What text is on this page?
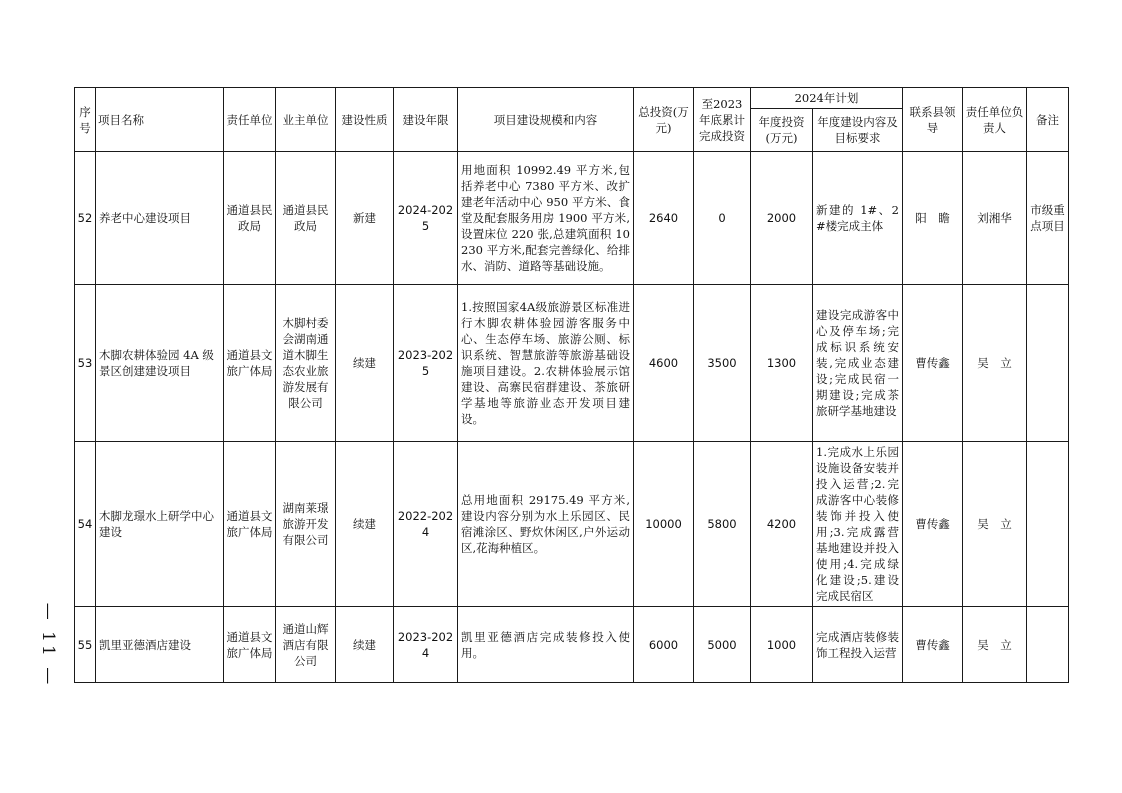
— 11 —
序号	项目名称	责任单位	业主单位	建设性质	建设年限	项目建设规模和内容	总投资(万元)	至2023年底累计完成投资	2024年计划		联系县领导	责任单位负责人	备注
									年度投资(万元)	年度建设内容及目标要求			
52	养老中心建设项目	通道县民政局	通道县民政局	新建	2024-2025	用地面积 10992.49 平方米,包括养老中心 7380 平方米、改扩建老年活动中心 950 平方米、食堂及配套服务用房 1900 平方米,设置床位 220 张,总建筑面积 10230 平方米,配套完善绿化、给排水、消防、道路等基础设施。	2640	0	2000	新建的 1#、2#楼完成主体	阳　瞻	刘湘华	市级重点项目
53	木脚农耕体验园 4A 级景区创建建设项目	通道县文旅广体局	木脚村委会湖南通道木脚生态农业旅游发展有限公司	续建	2023-2025	1.按照国家4A级旅游景区标准进行木脚农耕体验园游客服务中心、生态停车场、旅游公厕、标识系统、智慧旅游等旅游基础设施项目建设。2.农耕体验展示馆建设、高寨民宿群建设、茶旅研学基地等旅游业态开发项目建设。	4600	3500	1300	建设完成游客中心及停车场;完成标识系统安装,完成业态建设;完成民宿一期建设;完成茶旅研学基地建设	曹传鑫	吴　立	
54	木脚龙璟水上研学中心建设	通道县文旅广体局	湖南莱璟旅游开发有限公司	续建	2022-2024	总用地面积 29175.49 平方米,建设内容分别为水上乐园区、民宿滩涂区、野炊休闲区,户外运动区,花海种植区。	10000	5800	4200	1.完成水上乐园设施设备安装并投入运营;2.完成游客中心装修装饰并投入使用;3.完成露营基地建设并投入使用;4.完成绿化建设;5.建设完成民宿区	曹传鑫	吴　立	
55	凯里亚德酒店建设	通道县文旅广体局	通道山辉酒店有限公司	续建	2023-2024	凯里亚德酒店完成装修投入使用。	6000	5000	1000	完成酒店装修装饰工程投入运营	曹传鑫	吴　立	
